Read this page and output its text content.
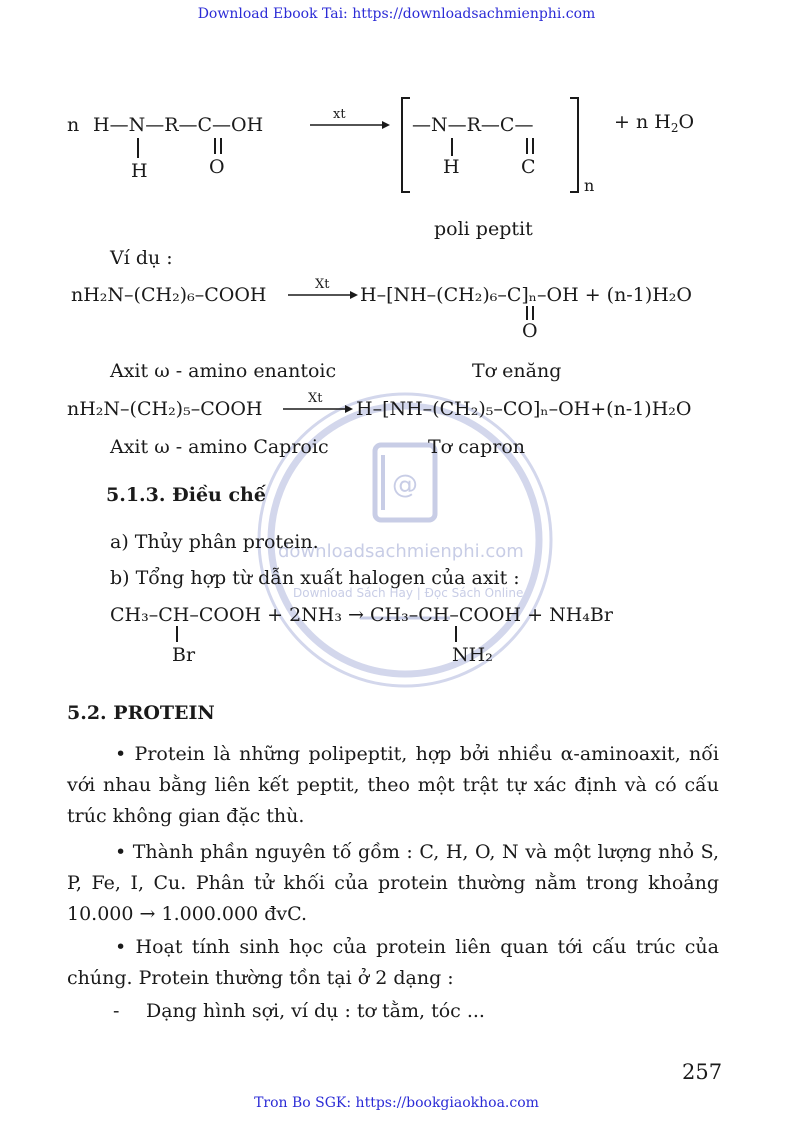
Download Ebook Tai: https://downloadsachmienphi.com
Tron Bo SGK: https://bookgiaokhoa.com
@
downloadsachmienphi.com
Download Sách Hay | Đọc Sách Online
n H—N—R—C—OH
H	O
xt	—N—R—C—
H	C
n
+ n $H_2O$
poli peptit
Ví dụ :
nH₂N–(CH₂)₆–COOH	Xt H–[NH–(CH₂)₆–C]ₙ–OH + (n-1)H₂O
O
Axit ω - amino enantoic	Tơ enăng
nH₂N–(CH₂)₅–COOH	Xt H–[NH–(CH₂)₅–CO]ₙ–OH+(n-1)H₂O
Axit ω - amino Caproic	Tơ capron
5.1.3. Điều chế
a) Thủy phân protein.
b) Tổng hợp từ dẫn xuất halogen của axit :
CH₃–CH–COOH + 2NH₃ → CH₃–CH–COOH + NH₄Br
Br	NH₂
5.2. PROTEIN
• Protein là những polipeptit, hợp bởi nhiều α-aminoaxit, nối với nhau bằng liên kết peptit, theo một trật tự xác định và có cấu trúc không gian đặc thù.
• Thành phần nguyên tố gồm : C, H, O, N và một lượng nhỏ S, P, Fe, I, Cu. Phân tử khối của protein thường nằm trong khoảng 10.000 → 1.000.000 đvC.
• Hoạt tính sinh học của protein liên quan tới cấu trúc của chúng. Protein thường tồn tại ở 2 dạng :
- Dạng hình sợi, ví dụ : tơ tằm, tóc ...
257
